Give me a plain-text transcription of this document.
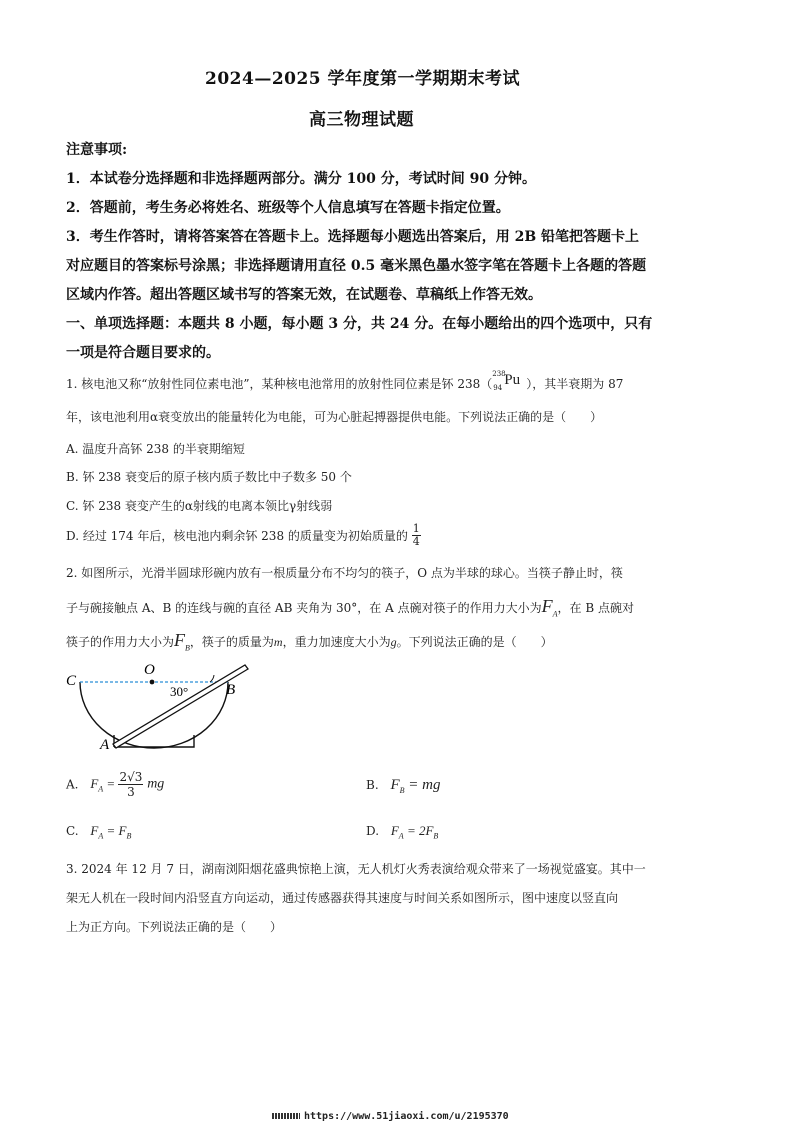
2024—2025 学年度第一学期期末考试
高三物理试题
注意事项:
1．本试卷分选择题和非选择题两部分。满分 100 分，考试时间 90 分钟。
2．答题前，考生务必将姓名、班级等个人信息填写在答题卡指定位置。
3．考生作答时，请将答案答在答题卡上。选择题每小题选出答案后，用 2B 铅笔把答题卡上
对应题目的答案标号涂黑；非选择题请用直径 0.5 毫米黑色墨水签字笔在答题卡上各题的答题
区域内作答。超出答题区域书写的答案无效，在试题卷、草稿纸上作答无效。
一、单项选择题：本题共 8 小题，每小题 3 分，共 24 分。在每小题给出的四个选项中，只有
一项是符合题目要求的。
1. 核电池又称“放射性同位素电池”，某种核电池常用的放射性同位素是钚 238（
238
94 Pu ），其半衰期为 87
年，该电池利用α衰变放出的能量转化为电能，可为心脏起搏器提供电能。下列说法正确的是（　　）
A. 温度升高钚 238 的半衰期缩短
B. 钚 238 衰变后的原子核内质子数比中子数多 50 个
C. 钚 238 衰变产生的α射线的电离本领比γ射线弱
D. 经过 174 年后，核电池内剩余钚 238 的质量变为初始质量的 $\frac{1}{4}$
2. 如图所示，光滑半圆球形碗内放有一根质量分布不均匀的筷子，O 点为半球的球心。当筷子静止时，筷
子与碗接触点 A、B 的连线与碗的直径 AB 夹角为 30°，在 A 点碗对筷子的作用力大小为$F_A$，在 B 点碗对
筷子的作用力大小为$F_B$，筷子的质量为m，重力加速度大小为g。下列说法正确的是（　　）
C
O
30°	B
A
A. $F_A = \frac{2√3}{3}$ mg	B. $F_B$ = mg
C. $F_A = F_B$	D. $F_A = 2F_B$
3. 2024 年 12 月 7 日，湖南浏阳烟花盛典惊艳上演，无人机灯火秀表演给观众带来了一场视觉盛宴。其中一
架无人机在一段时间内沿竖直方向运动，通过传感器获得其速度与时间关系如图所示，图中速度以竖直向
上为正方向。下列说法正确的是（　　）
https://www.51jiaoxi.com/u/2195370
